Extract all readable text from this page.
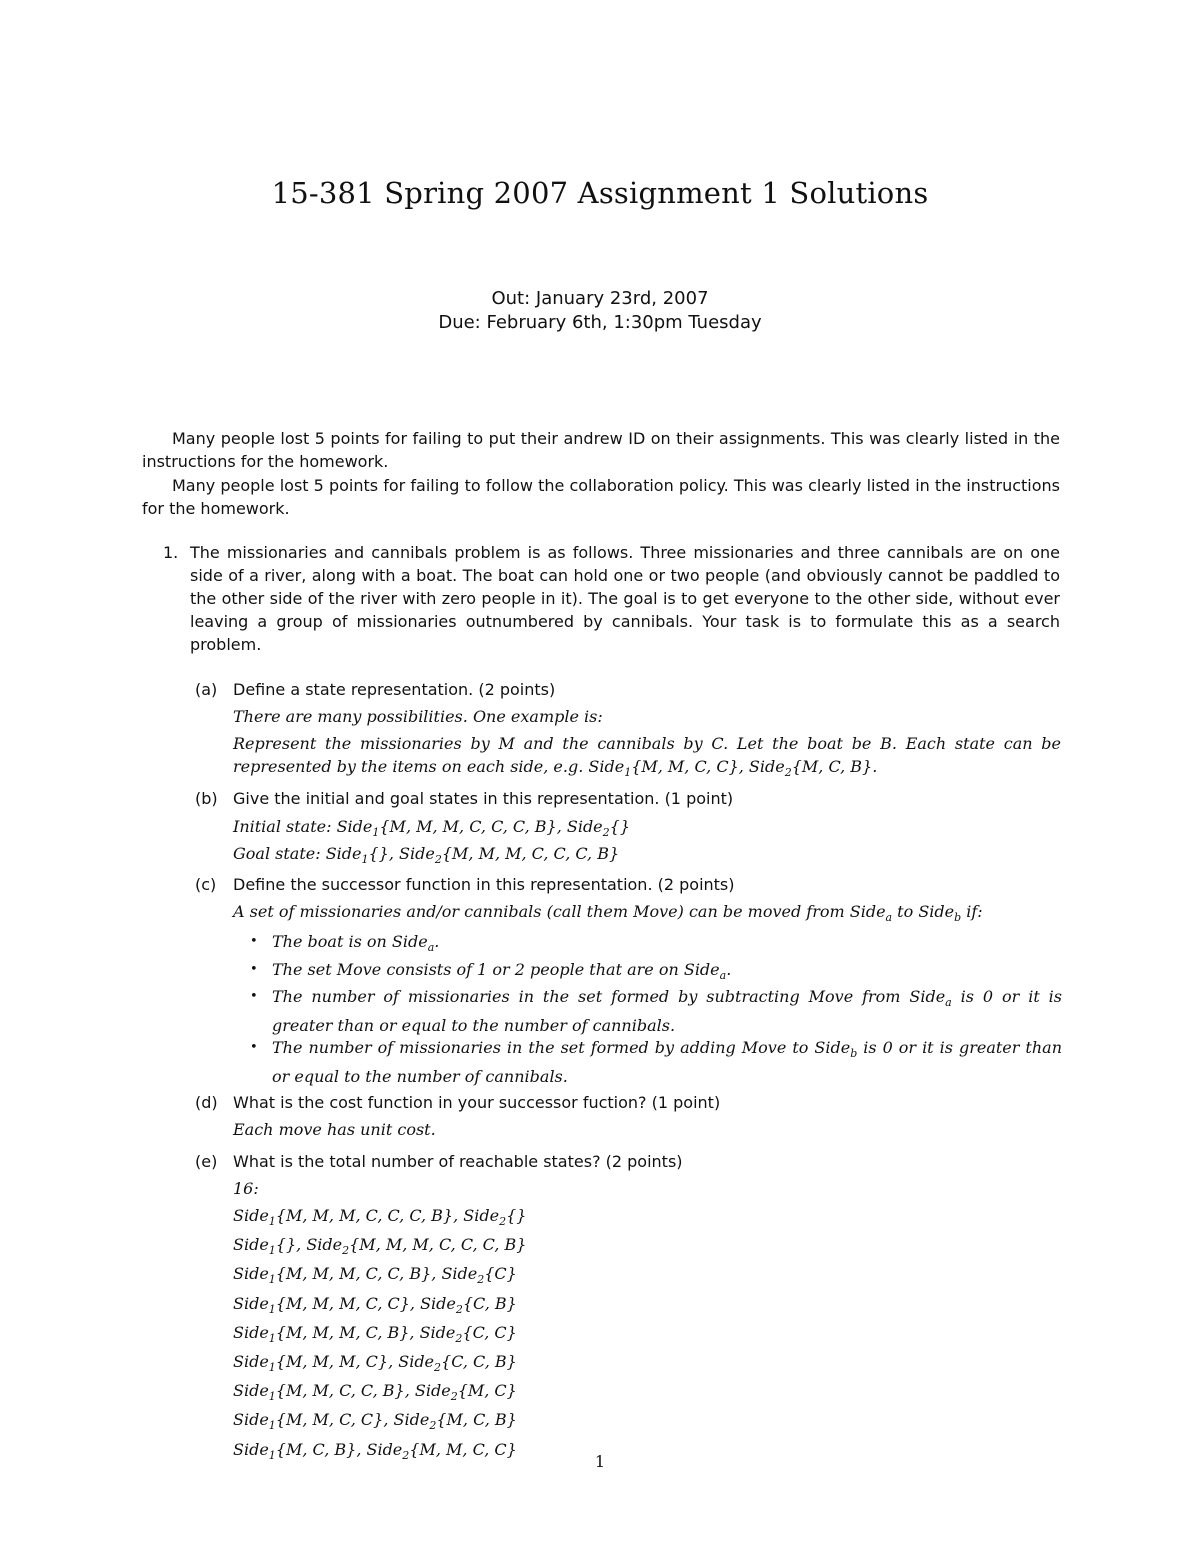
15-381 Spring 2007 Assignment 1 Solutions
Out: January 23rd, 2007
Due: February 6th, 1:30pm Tuesday
Many people lost 5 points for failing to put their andrew ID on their assignments. This was clearly listed in the instructions for the homework.
Many people lost 5 points for failing to follow the collaboration policy. This was clearly listed in the instructions for the homework.
1. The missionaries and cannibals problem is as follows. Three missionaries and three cannibals are on one side of a river, along with a boat. The boat can hold one or two people (and obviously cannot be paddled to the other side of the river with zero people in it). The goal is to get everyone to the other side, without ever leaving a group of missionaries outnumbered by cannibals. Your task is to formulate this as a search problem.
(a) Define a state representation. (2 points)
There are many possibilities. One example is:
Represent the missionaries by M and the cannibals by C. Let the boat be B. Each state can be represented by the items on each side, e.g. Side$_1${M, M, C, C}, Side$_2${M, C, B}.
(b) Give the initial and goal states in this representation. (1 point)
Initial state: Side$_1${M, M, M, C, C, C, B}, Side$_2${}
Goal state: Side$_1${}, Side$_2${M, M, M, C, C, C, B}
(c) Define the successor function in this representation. (2 points)
A set of missionaries and/or cannibals (call them Move) can be moved from Side$_a$ to Side$_b$ if:
• The boat is on Side$_a$.
• The set Move consists of 1 or 2 people that are on Side$_a$.
• The number of missionaries in the set formed by subtracting Move from Side$_a$ is 0 or it is greater than or equal to the number of cannibals.
• The number of missionaries in the set formed by adding Move to Side$_b$ is 0 or it is greater than or equal to the number of cannibals.
(d) What is the cost function in your successor fuction? (1 point)
Each move has unit cost.
(e) What is the total number of reachable states? (2 points)
16:
Side$_1${M, M, M, C, C, C, B}, Side$_2${}
Side$_1${}, Side$_2${M, M, M, C, C, C, B}
Side$_1${M, M, M, C, C, B}, Side$_2${C}
Side$_1${M, M, M, C, C}, Side$_2${C, B}
Side$_1${M, M, M, C, B}, Side$_2${C, C}
Side$_1${M, M, M, C}, Side$_2${C, C, B}
Side$_1${M, M, C, C, B}, Side$_2${M, C}
Side$_1${M, M, C, C}, Side$_2${M, C, B}
Side$_1${M, C, B}, Side$_2${M, M, C, C}
1
